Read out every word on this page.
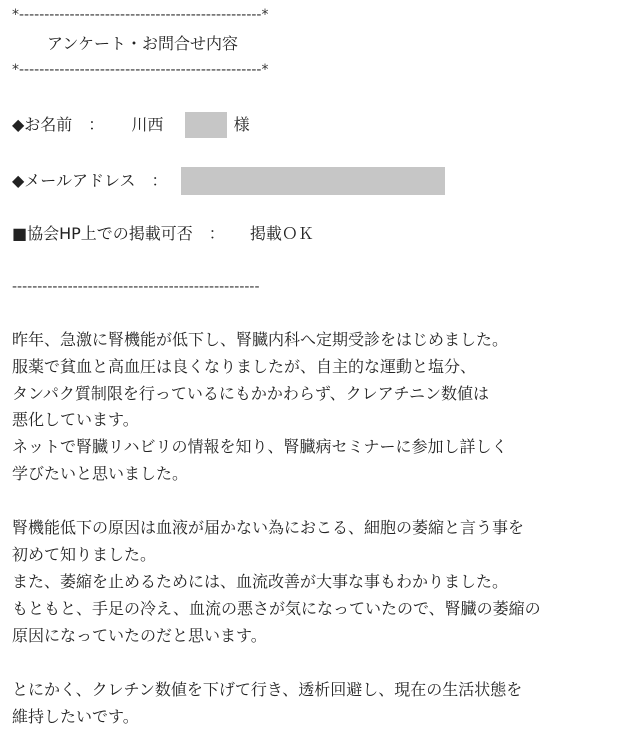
*------------------------------------------------*
アンケート・お問合せ内容
*------------------------------------------------*
◆お名前　： 川西	様
◆メールアドレス　：
■協会HP上での掲載可否　： 掲載ＯＫ
-------------------------------------------------
昨年、急激に腎機能が低下し、腎臓内科へ定期受診をはじめました。
服薬で貧血と高血圧は良くなりましたが、自主的な運動と塩分、
タンパク質制限を行っているにもかかわらず、クレアチニン数値は
悪化しています。
ネットで腎臓リハビリの情報を知り、腎臓病セミナーに参加し詳しく
学びたいと思いました。
腎機能低下の原因は血液が届かない為におこる、細胞の萎縮と言う事を
初めて知りました。
また、萎縮を止めるためには、血流改善が大事な事もわかりました。
もともと、手足の冷え、血流の悪さが気になっていたので、腎臓の萎縮の
原因になっていたのだと思います。
とにかく、クレチン数値を下げて行き、透析回避し、現在の生活状態を
維持したいです。
